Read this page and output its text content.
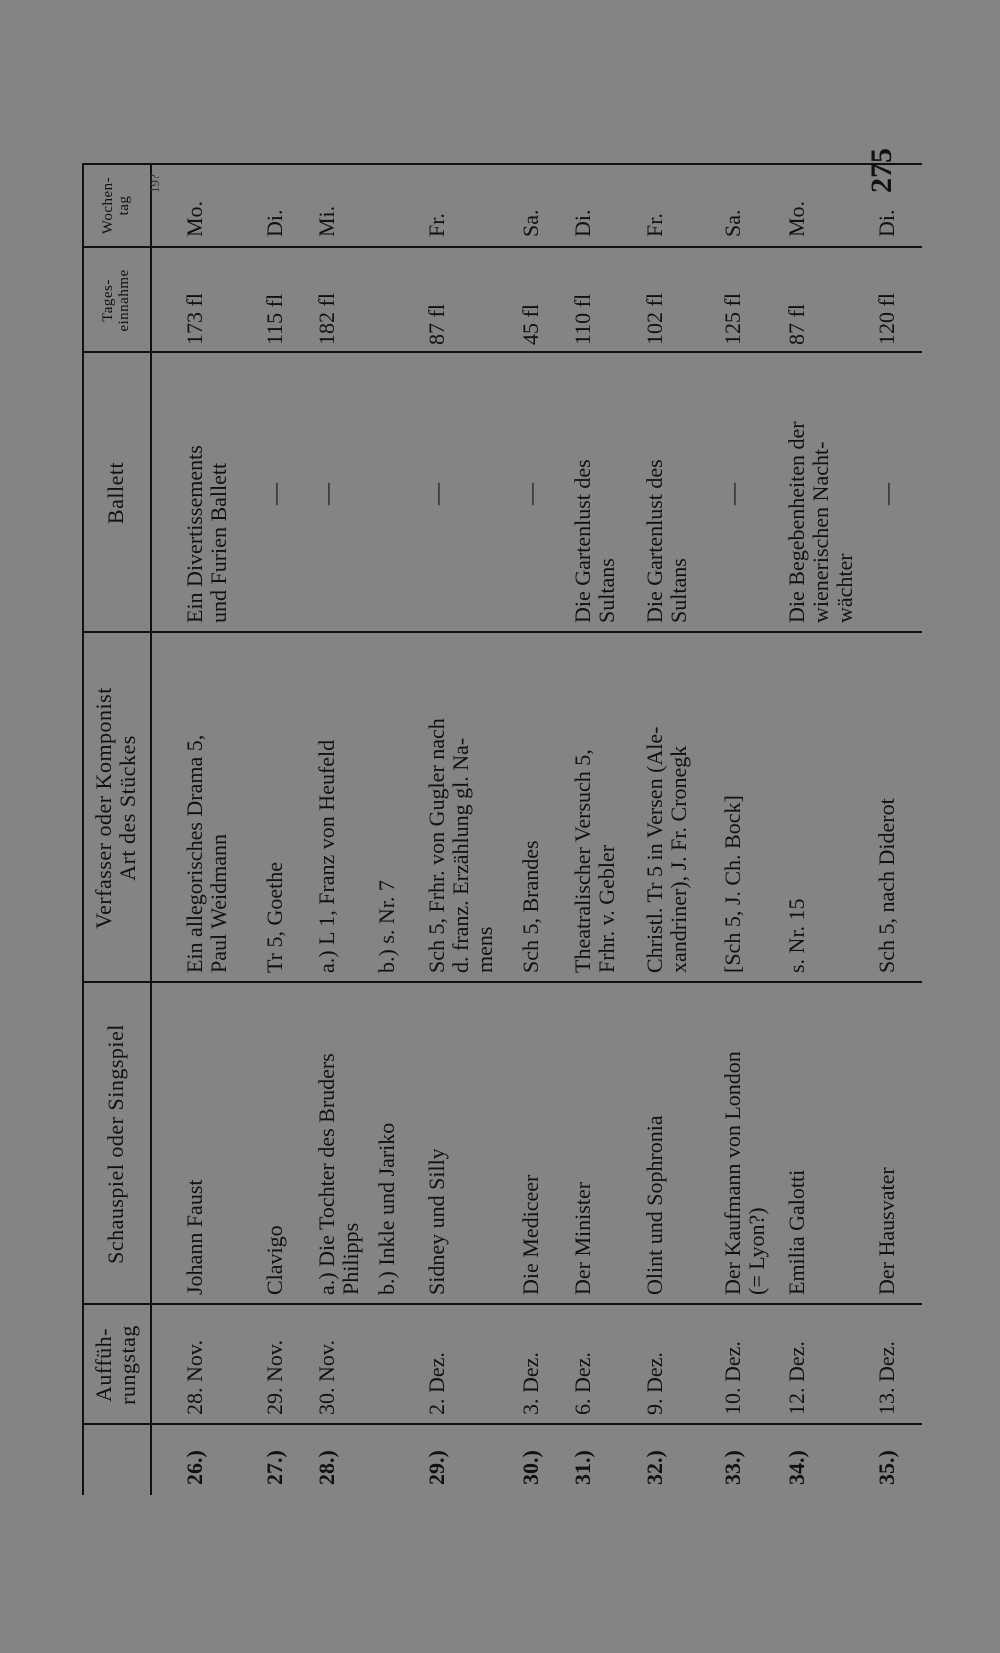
Auffüh-
rungstag
Schauspiel oder Singspiel
Verfasser oder Komponist
Art des Stückes
Ballett
Tages-
einnahme
Wochen-
tag
26.)
28. Nov.
Johann Faust
Ein allegorisches Drama 5, Paul Weidmann
Ein Divertissements und Furien Ballett
173 fl
Mo.
27.)
29. Nov.
Clavigo
Tr 5, Goethe
—
115 fl
Di.
28.)
30. Nov.
a.) Die Tochter des Bruders Philipps
a.) L 1, Franz von Heufeld
—
182 fl
Mi.
b.) Inkle und Jariko
b.) s. Nr. 7
29.)
2. Dez.
Sidney und Silly
Sch 5, Frhr. von Gugler nach d. franz. Erzählung gl. Na- mens
—
87 fl
Fr.
30.)
3. Dez.
Die Mediceer
Sch 5, Brandes
—
45 fl
Sa.
31.)
6. Dez.
Der Minister
Theatralischer Versuch 5, Frhr. v. Gebler
Die Gartenlust des Sultans
110 fl
Di.
32.)
9. Dez.
Olint und Sophronia
Christl. Tr 5 in Versen (Ale- xandriner), J. Fr. Cronegk
Die Gartenlust des Sultans
102 fl
Fr.
33.)
10. Dez.
Der Kaufmann von London (= Lyon?)
[Sch 5, J. Ch. Bock]
—
125 fl
Sa.
34.)
12. Dez.
Emilia Galotti
s. Nr. 15
Die Begebenheiten der wienerischen Nacht- wächter
87 fl
Mo.
35.)
13. Dez.
Der Hausvater
Sch 5, nach Diderot
—
120 fl
Di.
275
19?
